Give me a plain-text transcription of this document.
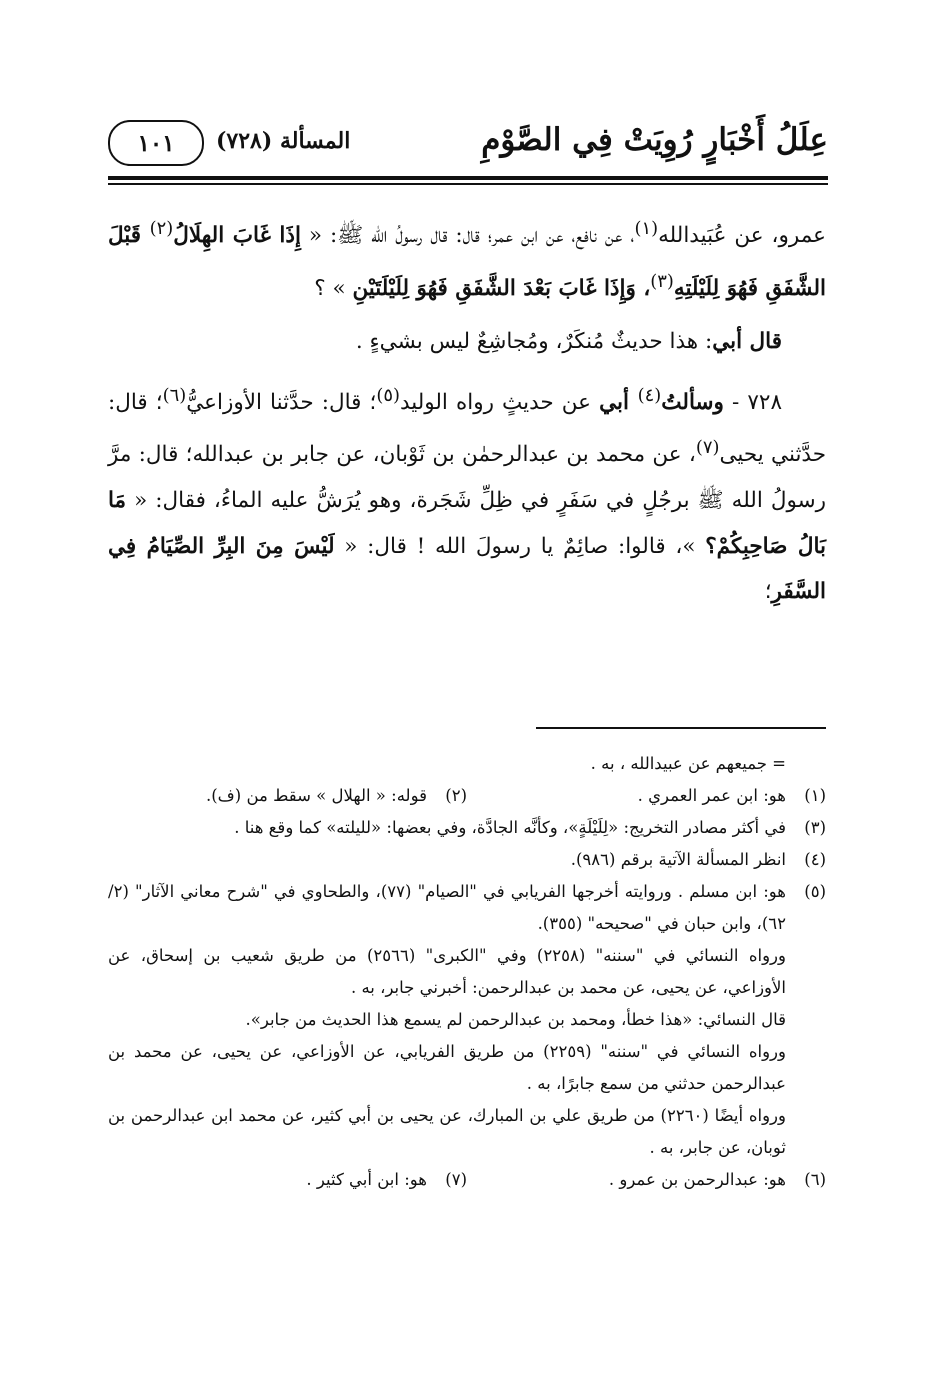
عِلَلُ أَخْبَارٍ رُوِيَتْ فِي الصَّوْمِ
المسألة (٧٢٨)
١٠١

عمرو، عن عُبَيدالله$^{(١)}$، عن نافع، عن ابن عمر؛ قال: قال رسولُ الله ﷺ: « إِذَا غَابَ الهِلَالُ$^{(٢)}$ قَبْلَ الشَّفَقِ فَهُوَ لِلَيْلَتِهِ$^{(٣)}$، وَإِذَا غَابَ بَعْدَ الشَّفَقِ فَهُوَ لِلَيْلَتَيْنِ » ؟

قال أبي: هذا حديثٌ مُنكَرٌ، ومُجاشِعٌ ليس بشيءٍ .

٧٢٨ - وسألتُ$^{(٤)}$ أبي عن حديثٍ رواه الوليد$^{(٥)}$؛ قال: حدَّثنا الأوزاعيُّ$^{(٦)}$؛ قال: حدَّثني يحيى$^{(٧)}$، عن محمد بن عبدالرحمٰن بن ثَوْبان، عن جابر بن عبدالله؛ قال: مرَّ رسولُ الله ﷺ برجُلٍ في سَفَرٍ في ظِلِّ شَجَرة، وهو يُرَشُّ عليه الماءُ، فقال: « مَا بَالُ صَاحِبِكُمْ؟ »، قالوا: صائِمٌ يا رسولَ الله ! قال: « لَيْسَ مِنَ البِرِّ الصِّيَامُ فِي السَّفَرِ؛

= جميعهم عن عبيدالله ، به .
(١)
هو: ابن عمر العمري .
(٢)
قوله: « الهلال » سقط من (ف).
(٣)
في أكثر مصادر التخريج: «لِلَيْلَةٍ»، وكأنَّه الجادَّة، وفي بعضها: «لليلته» كما وقع هنا .
(٤)
انظر المسألة الآتية برقم (٩٨٦).
(٥)
هو: ابن مسلم . وروايته أخرجها الفريابي في "الصيام" (٧٧)، والطحاوي في "شرح معاني الآثار" (٢/ ٦٢)، وابن حبان في "صحيحه" (٣٥٥).
ورواه النسائي في "سننه" (٢٢٥٨) وفي "الكبرى" (٢٥٦٦) من طريق شعيب بن إسحاق، عن الأوزاعي، عن يحيى، عن محمد بن عبدالرحمن: أخبرني جابر، به .
قال النسائي: «هذا خطأ، ومحمد بن عبدالرحمن لم يسمع هذا الحديث من جابر».
ورواه النسائي في "سننه" (٢٢٥٩) من طريق الفريابي، عن الأوزاعي، عن يحيى، عن محمد بن عبدالرحمن حدثني من سمع جابرًا، به .
ورواه أيضًا (٢٢٦٠) من طريق علي بن المبارك، عن يحيى بن أبي كثير، عن محمد ابن عبدالرحمن بن ثوبان، عن جابر، به .
(٦)
هو: عبدالرحمن بن عمرو .
(٧)
هو: ابن أبي كثير .
